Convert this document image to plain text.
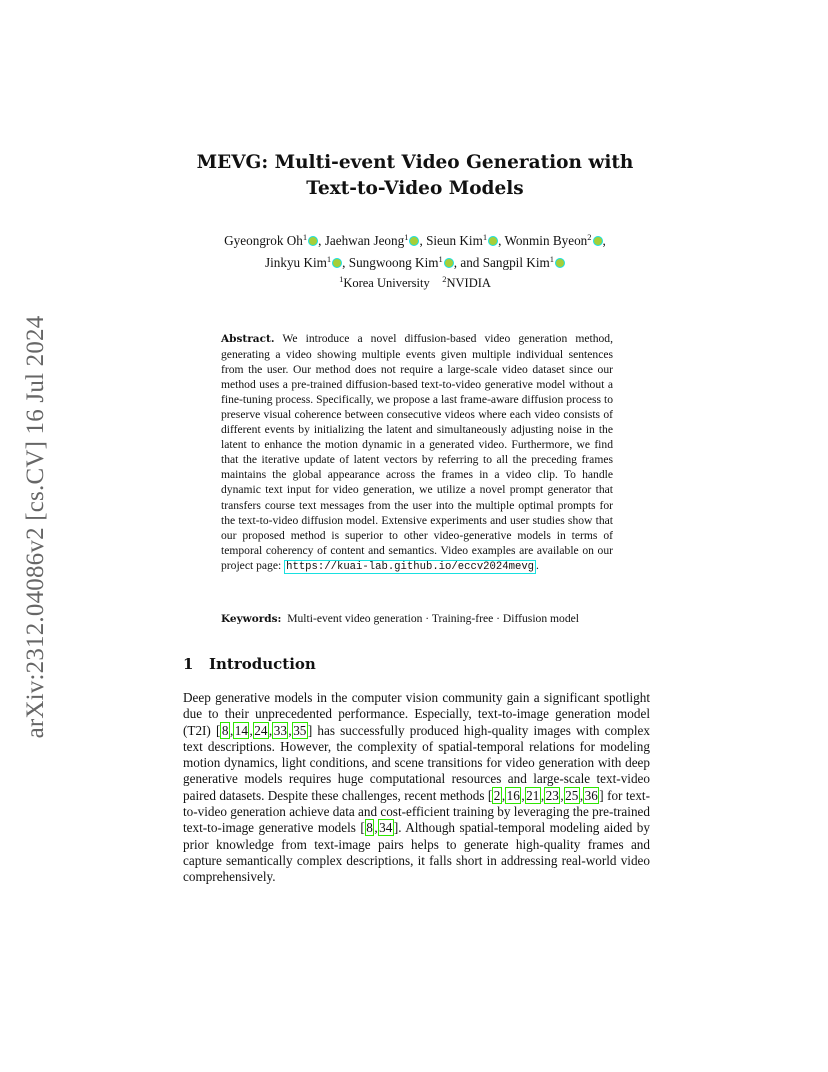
arXiv:2312.04086v2 [cs.CV] 16 Jul 2024
MEVG: Multi-event Video Generation with
Text-to-Video Models
Gyeongrok Oh$^1$ , Jaehwan Jeong$^1$ , Sieun Kim$^1$ , Wonmin Byeon$^2$ ,
Jinkyu Kim$^1$ , Sungwoong Kim$^1$ , and Sangpil Kim$^1$
$^1$Korea University $^2$NVIDIA
Abstract. We introduce a novel diffusion-based video generation method, generating a video showing multiple events given multiple individual sentences from the user. Our method does not require a large-scale video dataset since our method uses a pre-trained diffusion-based text-to-video generative model without a fine-tuning process. Specifically, we propose a last frame-aware diffusion process to preserve visual coherence between consecutive videos where each video consists of different events by initializing the latent and simultaneously adjusting noise in the latent to enhance the motion dynamic in a generated video. Furthermore, we find that the iterative update of latent vectors by referring to all the preceding frames maintains the global appearance across the frames in a video clip. To handle dynamic text input for video generation, we utilize a novel prompt generator that transfers course text messages from the user into the multiple optimal prompts for the text-to-video diffusion model. Extensive experiments and user studies show that our proposed method is superior to other video-generative models in terms of temporal coherency of content and semantics. Video examples are available on our project page: https://kuai-lab.github.io/eccv2024mevg .
Keywords: Multi-event video generation · Training-free · Diffusion model
1 Introduction
Deep generative models in the computer vision community gain a significant spotlight due to their unprecedented performance. Especially, text-to-image generation model (T2I) [ 8 , 14 , 24 , 33 , 35 ] has successfully produced high-quality images with complex text descriptions. However, the complexity of spatial-temporal relations for modeling motion dynamics, light conditions, and scene transitions for video generation with deep generative models requires huge computational resources and large-scale text-video paired datasets. Despite these challenges, recent methods [ 2 , 16 , 21 , 23 , 25 , 36 ] for text-to-video generation achieve data and cost-efficient training by leveraging the pre-trained text-to-image generative models [ 8 , 34 ]. Although spatial-temporal modeling aided by prior knowledge from text-image pairs helps to generate high-quality frames and capture semantically complex descriptions, it falls short in addressing real-world video comprehensively.
